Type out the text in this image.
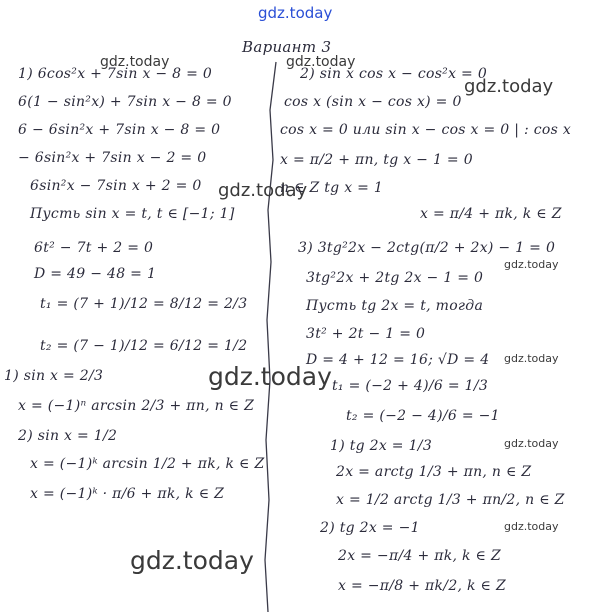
gdz.today
gdz.today	gdz.today
gdz.today
gdz.today
gdz.today
gdz.today
gdz.today
gdz.today
gdz.today
gdz.today
Вариант 3
1) 6cos²x + 7sin x − 8 = 0
6(1 − sin²x) + 7sin x − 8 = 0
6 − 6sin²x + 7sin x − 8 = 0
− 6sin²x + 7sin x − 2 = 0
6sin²x − 7sin x + 2 = 0
Пусть sin x = t, t ∈ [−1; 1]
6t² − 7t + 2 = 0
D = 49 − 48 = 1
t₁ = (7 + 1)/12 = 8/12 = 2/3
t₂ = (7 − 1)/12 = 6/12 = 1/2
1) sin x = 2/3
x = (−1)ⁿ arcsin 2/3 + πn, n ∈ Z
2) sin x = 1/2
x = (−1)ᵏ arcsin 1/2 + πk, k ∈ Z
x = (−1)ᵏ · π/6 + πk, k ∈ Z
2) sin x cos x − cos²x = 0
cos x (sin x − cos x) = 0
cos x = 0 или sin x − cos x = 0 | : cos x
x = π/2 + πn, tg x − 1 = 0
n ∈ Z tg x = 1
x = π/4 + πk, k ∈ Z
3) 3tg²2x − 2ctg(π/2 + 2x) − 1 = 0
3tg²2x + 2tg 2x − 1 = 0
Пусть tg 2x = t, тогда
3t² + 2t − 1 = 0
D = 4 + 12 = 16; √D = 4
t₁ = (−2 + 4)/6 = 1/3
t₂ = (−2 − 4)/6 = −1
1) tg 2x = 1/3
2x = arctg 1/3 + πn, n ∈ Z
x = 1/2 arctg 1/3 + πn/2, n ∈ Z
2) tg 2x = −1
2x = −π/4 + πk, k ∈ Z
x = −π/8 + πk/2, k ∈ Z
